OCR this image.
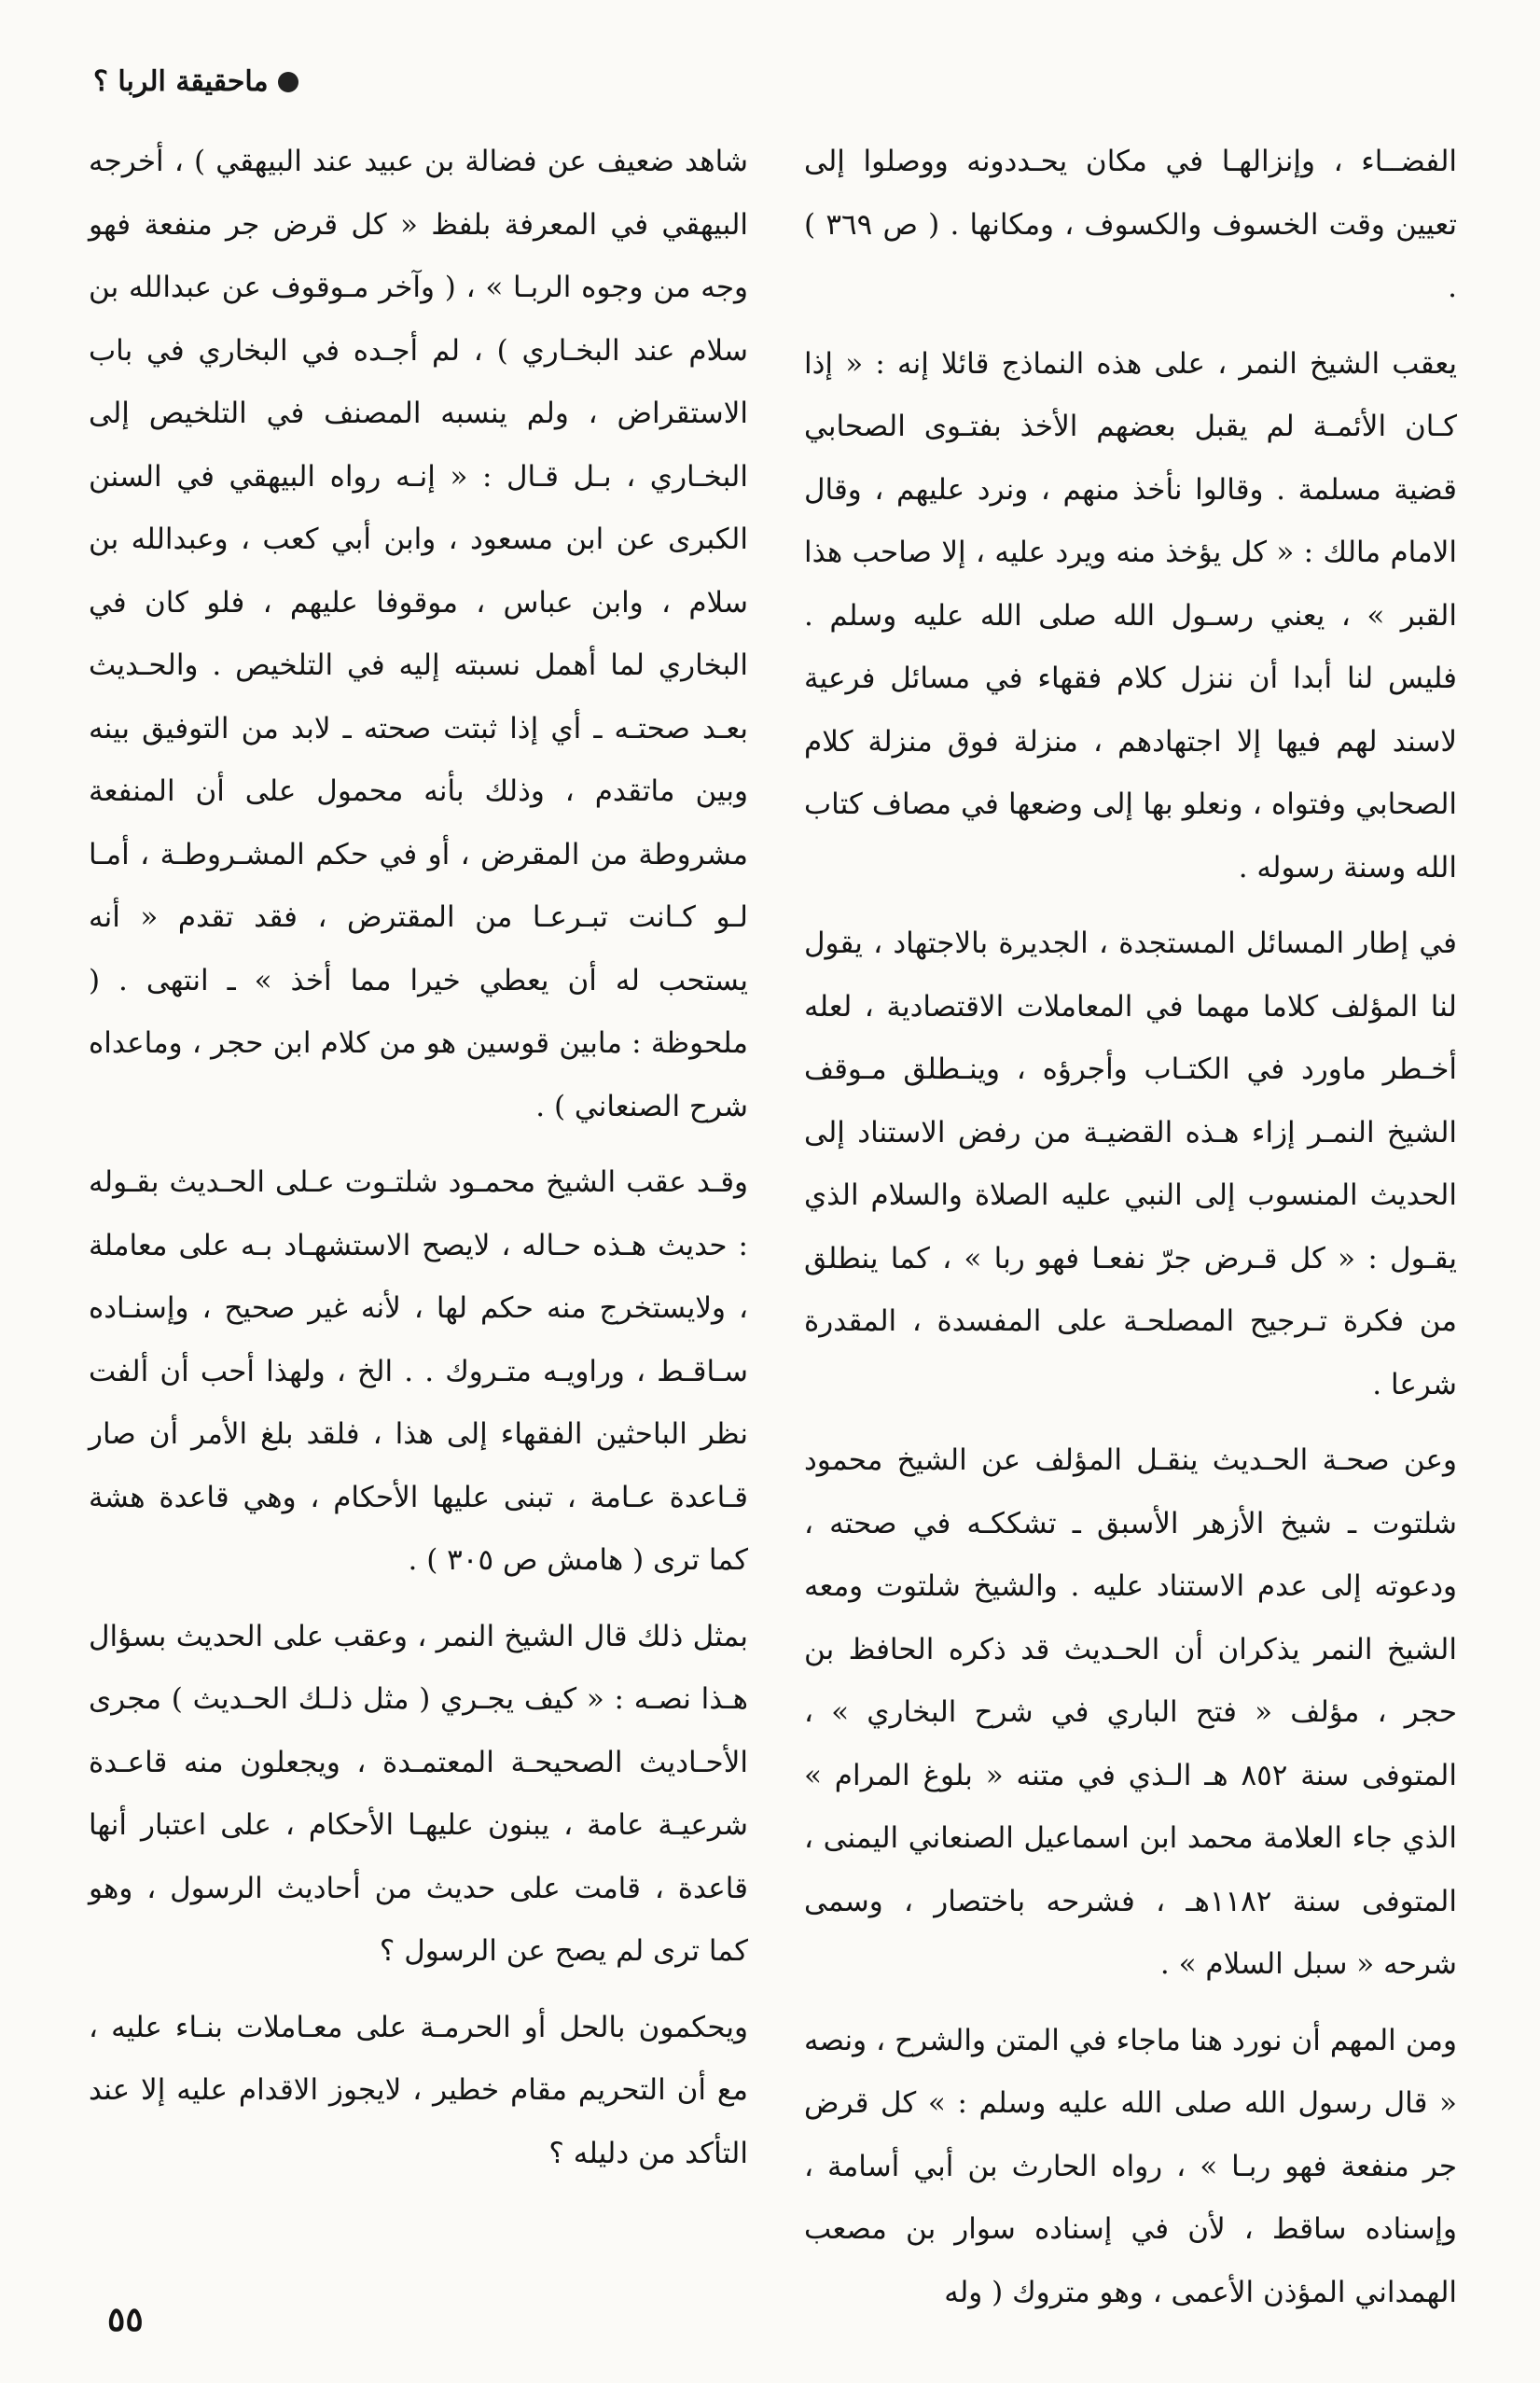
ماحقيقة الربا ؟

الفضــاء ، وإنزالهـا في مكان يحـددونه ووصلوا إلى تعيين وقت الخسوف والكسوف ، ومكانها . ( ص ٣٦٩ ) .

يعقب الشيخ النمر ، على هذه النماذج قائلا إنه : « إذا كـان الأئمـة لم يقبل بعضهم الأخذ بفتـوى الصحابي قضية مسلمة . وقالوا نأخذ منهم ، ونرد عليهم ، وقال الامام مالك : « كل يؤخذ منه ويرد عليه ، إلا صاحب هذا القبر » ، يعني رسـول الله صلى الله عليه وسلم . فليس لنا أبدا أن ننزل كلام فقهاء في مسائل فرعية لاسند لهم فيها إلا اجتهادهم ، منزلة فوق منزلة كلام الصحابي وفتواه ، ونعلو بها إلى وضعها في مصاف كتاب الله وسنة رسوله .

في إطار المسائل المستجدة ، الجديرة بالاجتهاد ، يقول لنا المؤلف كلاما مهما في المعاملات الاقتصادية ، لعله أخـطر ماورد في الكتـاب وأجرؤه ، وينـطلق مـوقف الشيخ النمـر إزاء هـذه القضيـة من رفض الاستناد إلى الحديث المنسوب إلى النبي عليه الصلاة والسلام الذي يقـول : « كل قـرض جرّ نفعـا فهو ربا » ، كما ينطلق من فكرة تـرجيح المصلحـة على المفسدة ، المقدرة شرعا .

وعن صحـة الحـديث ينقـل المؤلف عن الشيخ محمود شلتوت ـ شيخ الأزهر الأسبق ـ تشككـه في صحته ، ودعوته إلى عدم الاستناد عليه . والشيخ شلتوت ومعه الشيخ النمر يذكران أن الحـديث قد ذكره الحافظ بن حجر ، مؤلف « فتح الباري في شرح البخاري » ، المتوفى سنة ٨٥٢ هـ الـذي في متنه « بلوغ المرام » الذي جاء العلامة محمد ابن اسماعيل الصنعاني اليمنى ، المتوفى سنة ١١٨٢هـ ، فشرحه باختصار ، وسمى شرحه « سبل السلام » .

ومن المهم أن نورد هنا ماجاء في المتن والشرح ، ونصه « قال رسول الله صلى الله عليه وسلم : » كل قرض جر منفعة فهو ربـا » ، رواه الحارث بن أبي أسامة ، وإسناده ساقط ، لأن في إسناده سوار بن مصعب الهمداني المؤذن الأعمى ، وهو متروك ( وله

شاهد ضعيف عن فضالة بن عبيد عند البيهقي ) ، أخرجه البيهقي في المعرفة بلفظ « كل قرض جر منفعة فهو وجه من وجوه الربـا » ، ( وآخر مـوقوف عن عبدالله بن سلام عند البخـاري ) ، لم أجـده في البخاري في باب الاستقراض ، ولم ينسبه المصنف في التلخيص إلى البخـاري ، بـل قـال : « إنـه رواه البيهقي في السنن الكبرى عن ابن مسعود ، وابن أبي كعب ، وعبدالله بن سلام ، وابن عباس ، موقوفا عليهم ، فلو كان في البخاري لما أهمل نسبته إليه في التلخيص . والحـديث بعـد صحتـه ـ أي إذا ثبتت صحته ـ لابد من التوفيق بينه وبين ماتقدم ، وذلك بأنه محمول على أن المنفعة مشروطة من المقرض ، أو في حكم المشـروطـة ، أمـا لـو كـانت تبـرعـا من المقترض ، فقد تقدم « أنه يستحب له أن يعطي خيرا مما أخذ » ـ انتهى . ( ملحوظة : مابين قوسين هو من كلام ابن حجر ، وماعداه شرح الصنعاني ) .

وقـد عقب الشيخ محمـود شلتـوت عـلى الحـديث بقـوله : حديث هـذه حـاله ، لايصح الاستشهـاد بـه على معاملة ، ولايستخرج منه حكم لها ، لأنه غير صحيح ، وإسنـاده سـاقـط ، وراويـه متـروك . . الخ ، ولهذا أحب أن ألفت نظر الباحثين الفقهاء إلى هذا ، فلقد بلغ الأمر أن صار قـاعدة عـامة ، تبنى عليها الأحكام ، وهي قاعدة هشة كما ترى ( هامش ص ٣٠٥ ) .

بمثل ذلك قال الشيخ النمر ، وعقب على الحديث بسؤال هـذا نصـه : « كيف يجـري ( مثل ذلـك الحـديث ) مجرى الأحـاديث الصحيحـة المعتمـدة ، ويجعلون منه قاعـدة شرعيـة عامة ، يبنون عليهـا الأحكام ، على اعتبار أنها قاعدة ، قامت على حديث من أحاديث الرسول ، وهو كما ترى لم يصح عن الرسول ؟

ويحكمون بالحل أو الحرمـة على معـاملات بنـاء عليه ، مع أن التحريم مقام خطير ، لايجوز الاقدام عليه إلا عند التأكد من دليله ؟

٥٥
